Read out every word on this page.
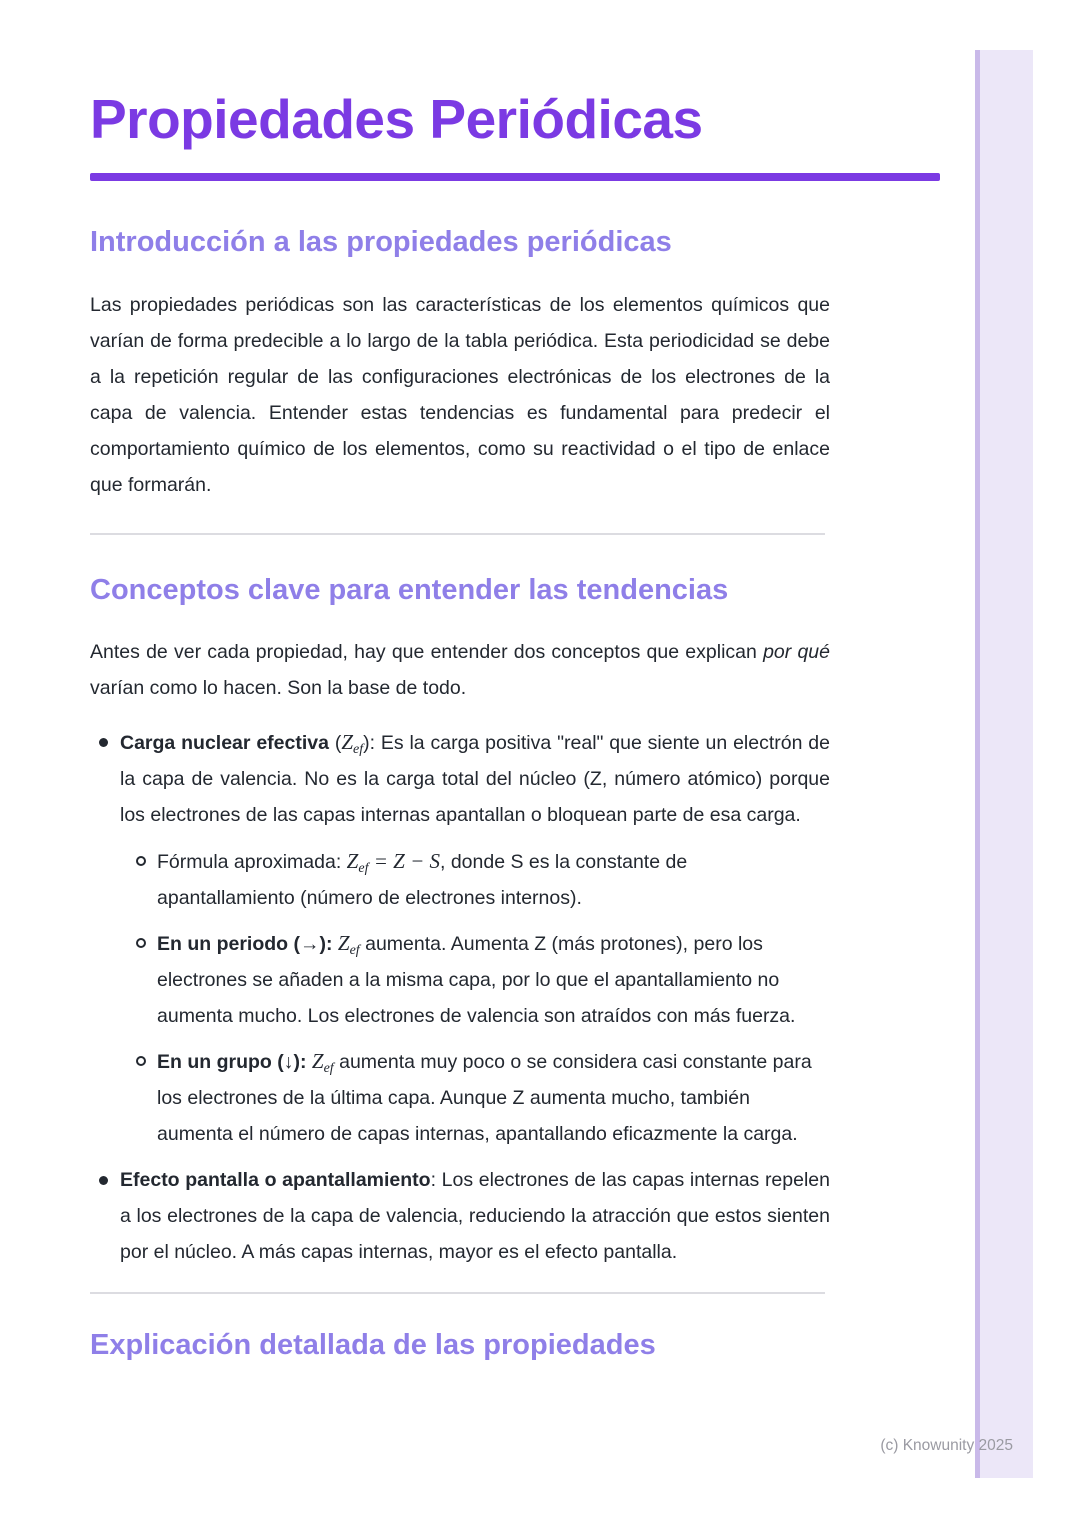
Propiedades Periódicas
Introducción a las propiedades periódicas

Las propiedades periódicas son las características de los elementos químicos que varían de forma predecible a lo largo de la tabla periódica. Esta periodicidad se debe a la repetición regular de las configuraciones electrónicas de los electrones de la capa de valencia. Entender estas tendencias es fundamental para predecir el comportamiento químico de los elementos, como su reactividad o el tipo de enlace que formarán.

Conceptos clave para entender las tendencias

Antes de ver cada propiedad, hay que entender dos conceptos que explican por qué varían como lo hacen. Son la base de todo.

Carga nuclear efectiva $(Z_{ef})$: Es la carga positiva "real" que siente un electrón de la capa de valencia. No es la carga total del núcleo (Z, número atómico) porque los electrones de las capas internas apantallan o bloquean parte de esa carga.
Fórmula aproximada: $Z_{ef} = Z - S$, donde S es la constante de apantallamiento (número de electrones internos).
En un periodo (→): $Z_{ef}$ aumenta. Aumenta Z (más protones), pero los electrones se añaden a la misma capa, por lo que el apantallamiento no aumenta mucho. Los electrones de valencia son atraídos con más fuerza.
En un grupo (↓): $Z_{ef}$ aumenta muy poco o se considera casi constante para los electrones de la última capa. Aunque Z aumenta mucho, también aumenta el número de capas internas, apantallando eficazmente la carga.
Efecto pantalla o apantallamiento: Los electrones de las capas internas repelen a los electrones de la capa de valencia, reduciendo la atracción que estos sienten por el núcleo. A más capas internas, mayor es el efecto pantalla.
Explicación detallada de las propiedades
(c) Knowunity 2025
